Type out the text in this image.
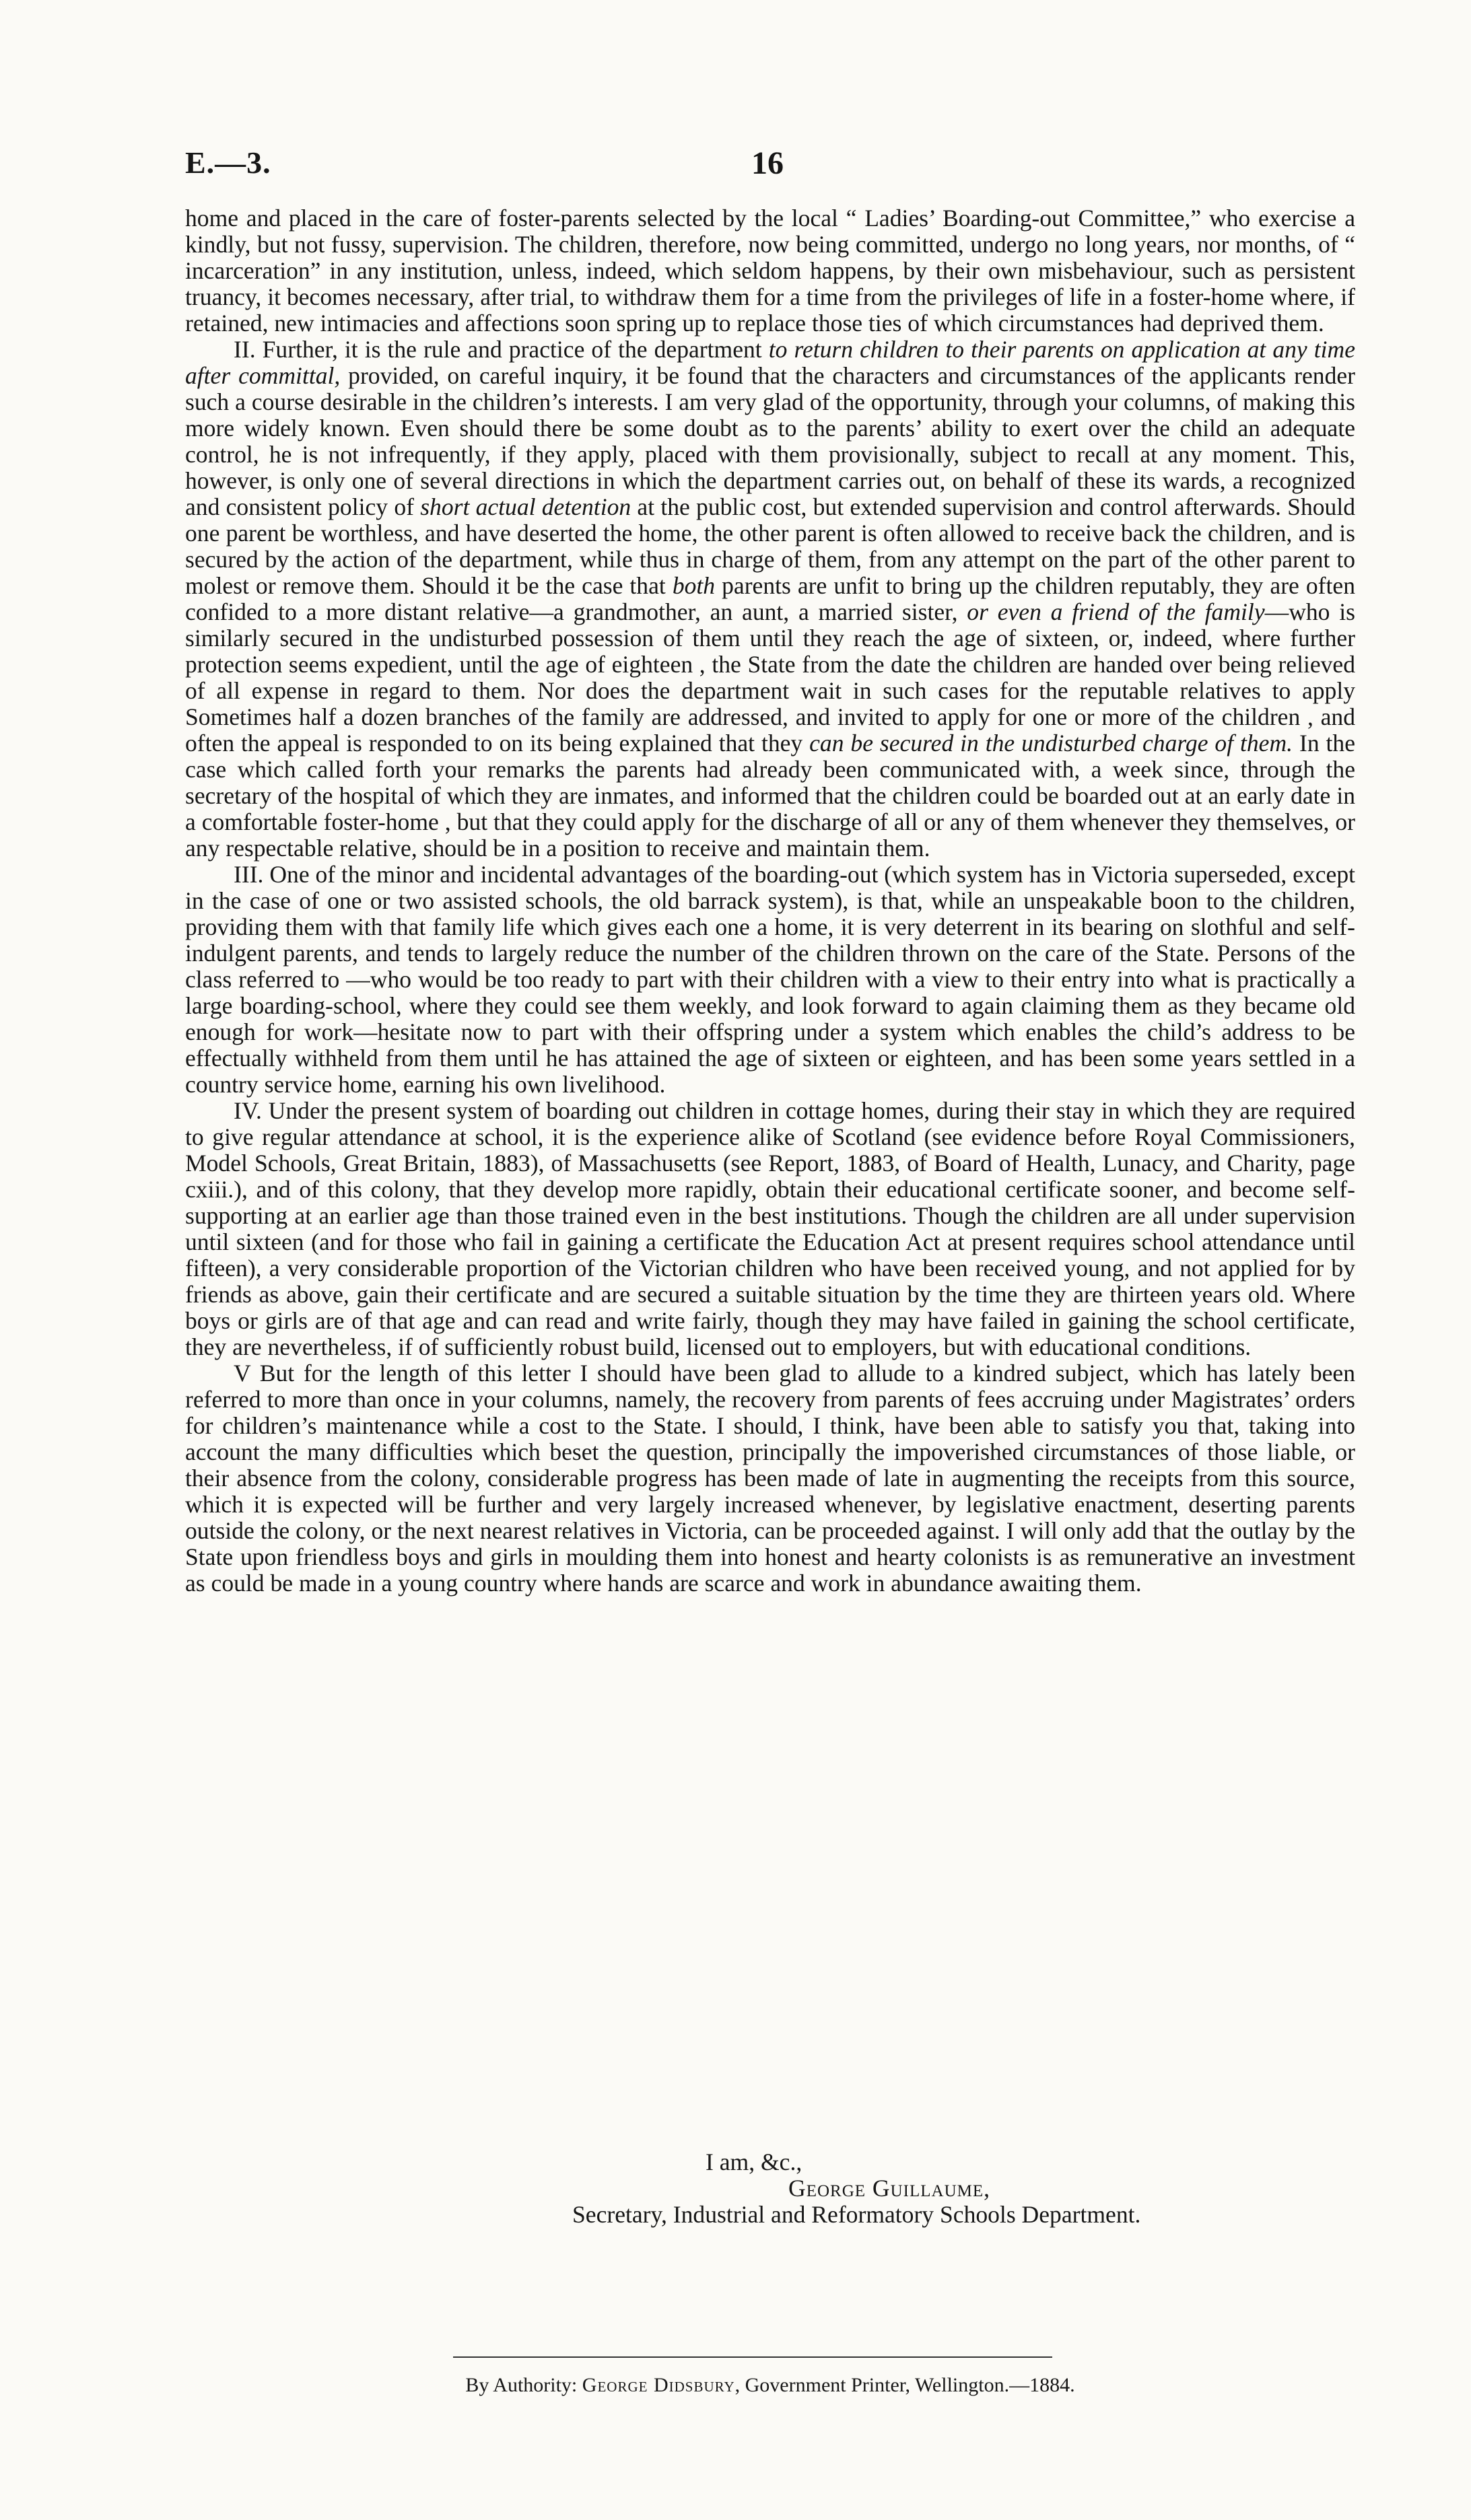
E.—3.	16

home and placed in the care of foster-parents selected by the local “ Ladies’ Boarding-out Committee,” who exercise a kindly, but not fussy, supervision. The children, therefore, now being committed, undergo no long years, nor months, of “ incarceration” in any institution, unless, indeed, which seldom happens, by their own misbehaviour, such as persistent truancy, it becomes necessary, after trial, to withdraw them for a time from the privileges of life in a foster-home where, if retained, new intimacies and affections soon spring up to replace those ties of which circumstances had deprived them.

II. Further, it is the rule and practice of the department to return children to their parents on application at any time after committal, provided, on careful inquiry, it be found that the characters and circumstances of the applicants render such a course desirable in the children’s interests. I am very glad of the opportunity, through your columns, of making this more widely known. Even should there be some doubt as to the parents’ ability to exert over the child an adequate control, he is not infrequently, if they apply, placed with them provisionally, subject to recall at any moment. This, however, is only one of several directions in which the department carries out, on behalf of these its wards, a recognized and consistent policy of short actual detention at the public cost, but extended supervision and control afterwards. Should one parent be worthless, and have deserted the home, the other parent is often allowed to receive back the children, and is secured by the action of the department, while thus in charge of them, from any attempt on the part of the other parent to molest or remove them. Should it be the case that both parents are unfit to bring up the children reputably, they are often confided to a more distant relative—a grandmother, an aunt, a married sister, or even a friend of the family—who is similarly secured in the undisturbed possession of them until they reach the age of sixteen, or, indeed, where further protection seems expedient, until the age of eighteen , the State from the date the children are handed over being relieved of all expense in regard to them. Nor does the department wait in such cases for the reputable relatives to apply Sometimes half a dozen branches of the family are addressed, and invited to apply for one or more of the children , and often the appeal is responded to on its being explained that they can be secured in the undisturbed charge of them. In the case which called forth your remarks the parents had already been communicated with, a week since, through the secretary of the hospital of which they are inmates, and informed that the children could be boarded out at an early date in a comfortable foster-home , but that they could apply for the discharge of all or any of them whenever they themselves, or any respectable relative, should be in a position to receive and maintain them.

III. One of the minor and incidental advantages of the boarding-out (which system has in Victoria superseded, except in the case of one or two assisted schools, the old barrack system), is that, while an unspeakable boon to the children, providing them with that family life which gives each one a home, it is very deterrent in its bearing on slothful and self-indulgent parents, and tends to largely reduce the number of the children thrown on the care of the State. Persons of the class referred to —who would be too ready to part with their children with a view to their entry into what is practically a large boarding-school, where they could see them weekly, and look forward to again claiming them as they became old enough for work—hesitate now to part with their offspring under a system which enables the child’s address to be effectually withheld from them until he has attained the age of sixteen or eighteen, and has been some years settled in a country service home, earning his own livelihood.

IV. Under the present system of boarding out children in cottage homes, during their stay in which they are required to give regular attendance at school, it is the experience alike of Scotland (see evidence before Royal Commissioners, Model Schools, Great Britain, 1883), of Massachusetts (see Report, 1883, of Board of Health, Lunacy, and Charity, page cxiii.), and of this colony, that they develop more rapidly, obtain their educational certificate sooner, and become self-supporting at an earlier age than those trained even in the best institutions. Though the children are all under supervision until sixteen (and for those who fail in gaining a certificate the Education Act at present requires school attendance until fifteen), a very considerable proportion of the Victorian children who have been received young, and not applied for by friends as above, gain their certificate and are secured a suitable situation by the time they are thirteen years old. Where boys or girls are of that age and can read and write fairly, though they may have failed in gaining the school certificate, they are nevertheless, if of sufficiently robust build, licensed out to employers, but with educational conditions.

V But for the length of this letter I should have been glad to allude to a kindred subject, which has lately been referred to more than once in your columns, namely, the recovery from parents of fees accruing under Magistrates’ orders for children’s maintenance while a cost to the State. I should, I think, have been able to satisfy you that, taking into account the many difficulties which beset the question, principally the impoverished circumstances of those liable, or their absence from the colony, considerable progress has been made of late in augmenting the receipts from this source, which it is expected will be further and very largely increased whenever, by legislative enactment, deserting parents outside the colony, or the next nearest relatives in Victoria, can be proceeded against. I will only add that the outlay by the State upon friendless boys and girls in moulding them into honest and hearty colonists is as remunerative an investment as could be made in a young country where hands are scarce and work in abundance awaiting them.

I am, &c.,
George Guillaume,
Secretary, Industrial and Reformatory Schools Department.
By Authority: George Didsbury, Government Printer, Wellington.—1884.
